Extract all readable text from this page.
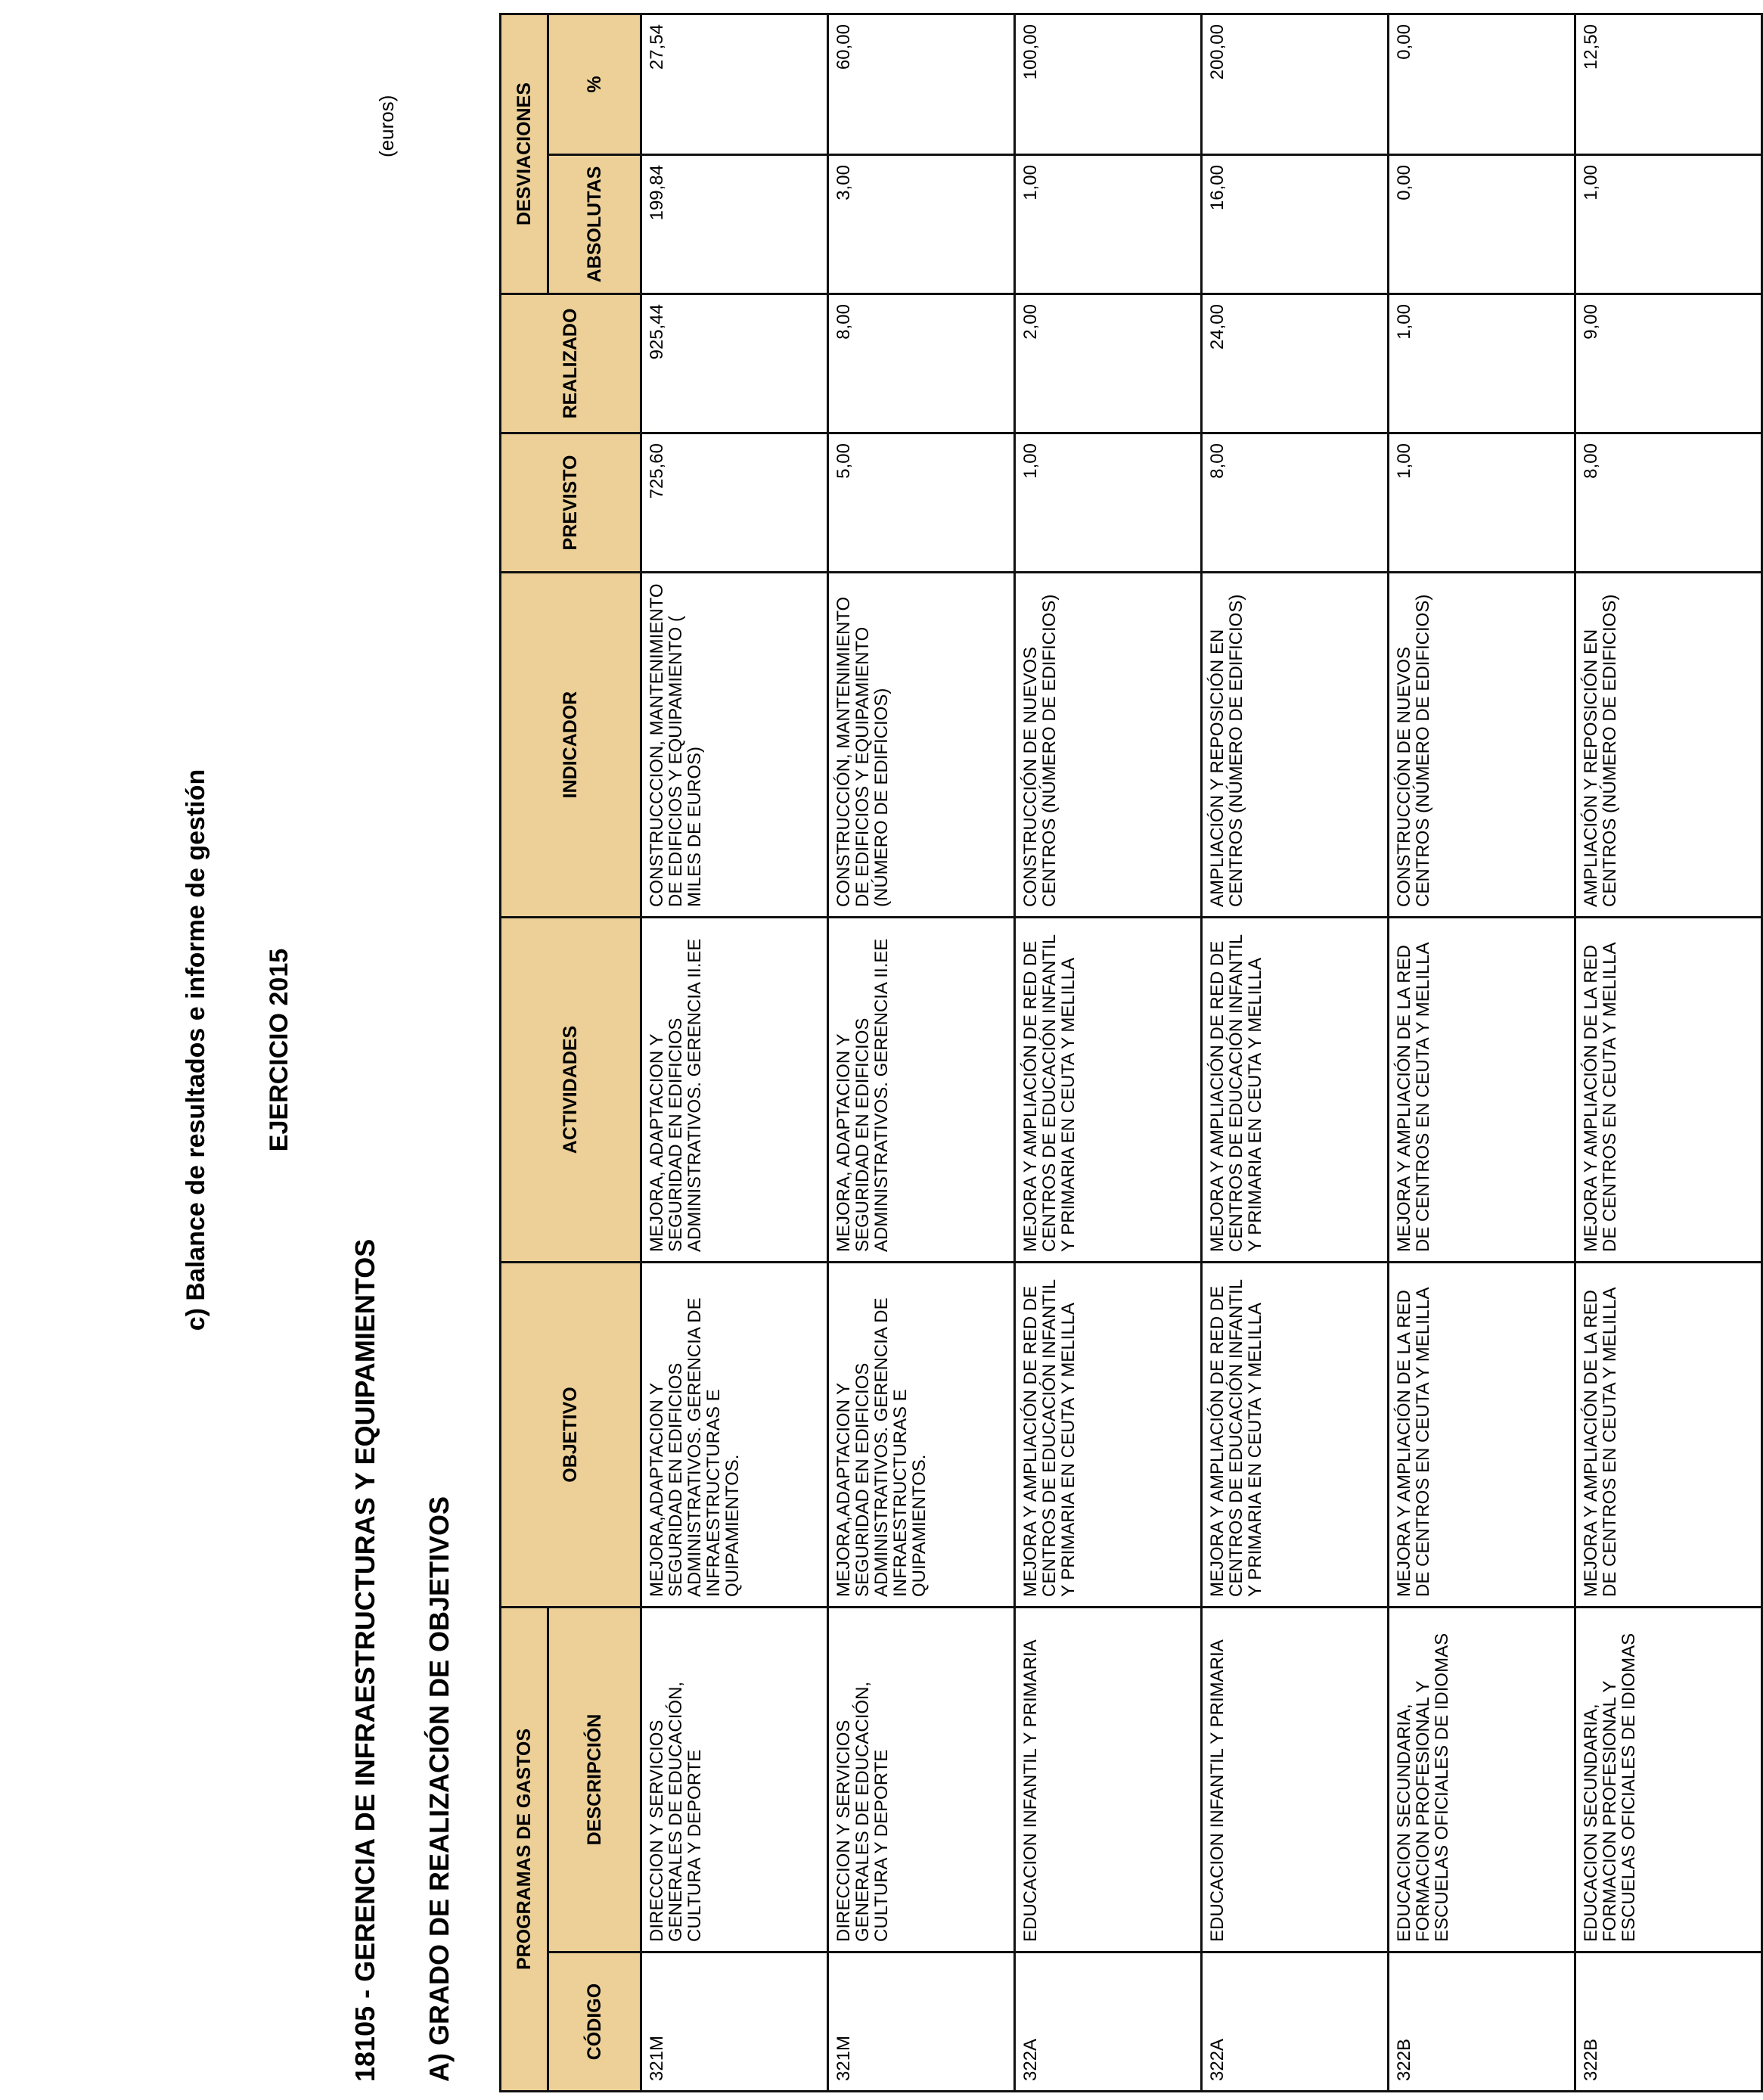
c) Balance de resultados e informe de gestión EJERCICIO 2015
18105 - GERENCIA DE INFRAESTRUCTURAS Y EQUIPAMIENTOS A) GRADO DE REALIZACIÓN DE OBJETIVOS
(euros)
PROGRAMAS DE GASTOS		OBJETIVO	ACTIVIDADES	INDICADOR	PREVISTO	REALIZADO	DESVIACIONES	
CÓDIGO	DESCRIPCIÓN						ABSOLUTAS	%
321M	DIRECCION Y SERVICIOS GENERALES DE EDUCACIÓN, CULTURA Y DEPORTE	MEJORA,ADAPTACION Y SEGURIDAD EN EDIFICIOS ADMINISTRATIVOS. GERENCIA DE INFRAESTRUCTURAS E QUIPAMIENTOS.	MEJORA, ADAPTACION Y SEGURIDAD EN EDIFICIOS ADMINISTRATIVOS. GERENCIA II.EE	CONSTRUCCCION, MANTENIMIENTO DE EDIFICIOS Y EQUIPAMIENTO ( MILES DE EUROS)	725,60	925,44	199,84	27,54
321M	DIRECCION Y SERVICIOS GENERALES DE EDUCACIÓN, CULTURA Y DEPORTE	MEJORA,ADAPTACION Y SEGURIDAD EN EDIFICIOS ADMINISTRATIVOS. GERENCIA DE INFRAESTRUCTURAS E QUIPAMIENTOS.	MEJORA, ADAPTACION Y SEGURIDAD EN EDIFICIOS ADMINISTRATIVOS. GERENCIA II.EE	CONSTRUCCIÓN, MANTENIMIENTO DE EDIFICIOS Y EQUIPAMIENTO (NÚMERO DE EDIFICIOS)	5,00	8,00	3,00	60,00
322A	EDUCACION INFANTIL Y PRIMARIA	MEJORA Y AMPLIACIÓN DE RED DE CENTROS DE EDUCACIÓN INFANTIL Y PRIMARIA EN CEUTA Y MELILLA	MEJORA Y AMPLIACIÓN DE RED DE CENTROS DE EDUCACIÓN INFANTIL Y PRIMARIA EN CEUTA Y MELILLA	CONSTRUCCIÓN DE NUEVOS CENTROS (NÚMERO DE EDIFICIOS)	1,00	2,00	1,00	100,00
322A	EDUCACION INFANTIL Y PRIMARIA	MEJORA Y AMPLIACIÓN DE RED DE CENTROS DE EDUCACIÓN INFANTIL Y PRIMARIA EN CEUTA Y MELILLA	MEJORA Y AMPLIACIÓN DE RED DE CENTROS DE EDUCACIÓN INFANTIL Y PRIMARIA EN CEUTA Y MELILLA	AMPLIACIÓN Y REPOSICIÓN EN CENTROS (NÚMERO DE EDIFICIOS)	8,00	24,00	16,00	200,00
322B	EDUCACION SECUNDARIA, FORMACION PROFESIONAL Y ESCUELAS OFICIALES DE IDIOMAS	MEJORA Y AMPLIACIÓN DE LA RED DE CENTROS EN CEUTA Y MELILLA	MEJORA Y AMPLIACIÓN DE LA RED DE CENTROS EN CEUTA Y MELILLA	CONSTRUCCIÓN DE NUEVOS CENTROS (NÚMERO DE EDIFICIOS)	1,00	1,00	0,00	0,00
322B	EDUCACION SECUNDARIA, FORMACION PROFESIONAL Y ESCUELAS OFICIALES DE IDIOMAS	MEJORA Y AMPLIACIÓN DE LA RED DE CENTROS EN CEUTA Y MELILLA	MEJORA Y AMPLIACIÓN DE LA RED DE CENTROS EN CEUTA Y MELILLA	AMPLIACIÓN Y REPOSICIÓN EN CENTROS (NÚMERO DE EDIFICIOS)	8,00	9,00	1,00	12,50
